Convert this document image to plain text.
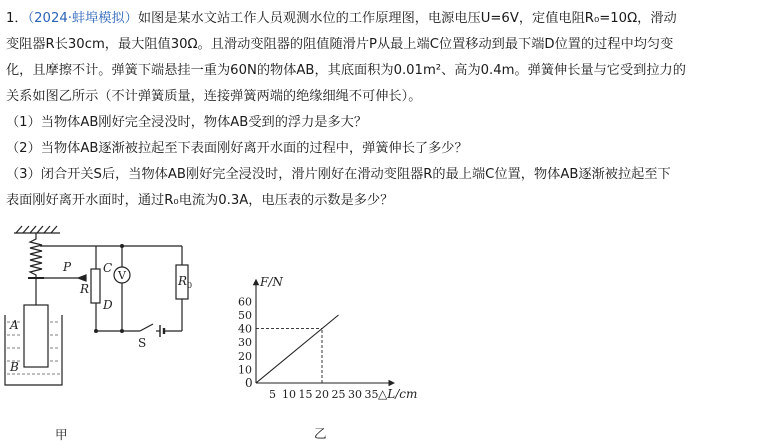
1．（2024·蚌埠模拟）如图是某水文站工作人员观测水位的工作原理图，电源电压U=6V，定值电阻R₀=10Ω，滑动
变阻器R长30cm，最大阻值30Ω。且滑动变阻器的阻值随滑片P从最上端C位置移动到最下端D位置的过程中均匀变
化，且摩擦不计。弹簧下端悬挂一重为60N的物体AB，其底面积为0.01m²、高为0.4m。弹簧伸长量与它受到拉力的
关系如图乙所示（不计弹簧质量，连接弹簧两端的绝缘细绳不可伸长）。
（1）当物体AB刚好完全浸没时，物体AB受到的浮力是多大？
（2）当物体AB逐渐被拉起至下表面刚好离开水面的过程中，弹簧伸长了多少？
（3）闭合开关S后，当物体AB刚好完全浸没时，滑片刚好在滑动变阻器R的最上端C位置，物体AB逐渐被拉起至下
表面刚好离开水面时，通过R₀电流为0.3A，电压表的示数是多少？
P	C
R
D
A
B
$R_0$
V
S
甲
F/N
△L/cm
0
5 10 15 20 25 30 35
10
20
30
40
50
60
乙
